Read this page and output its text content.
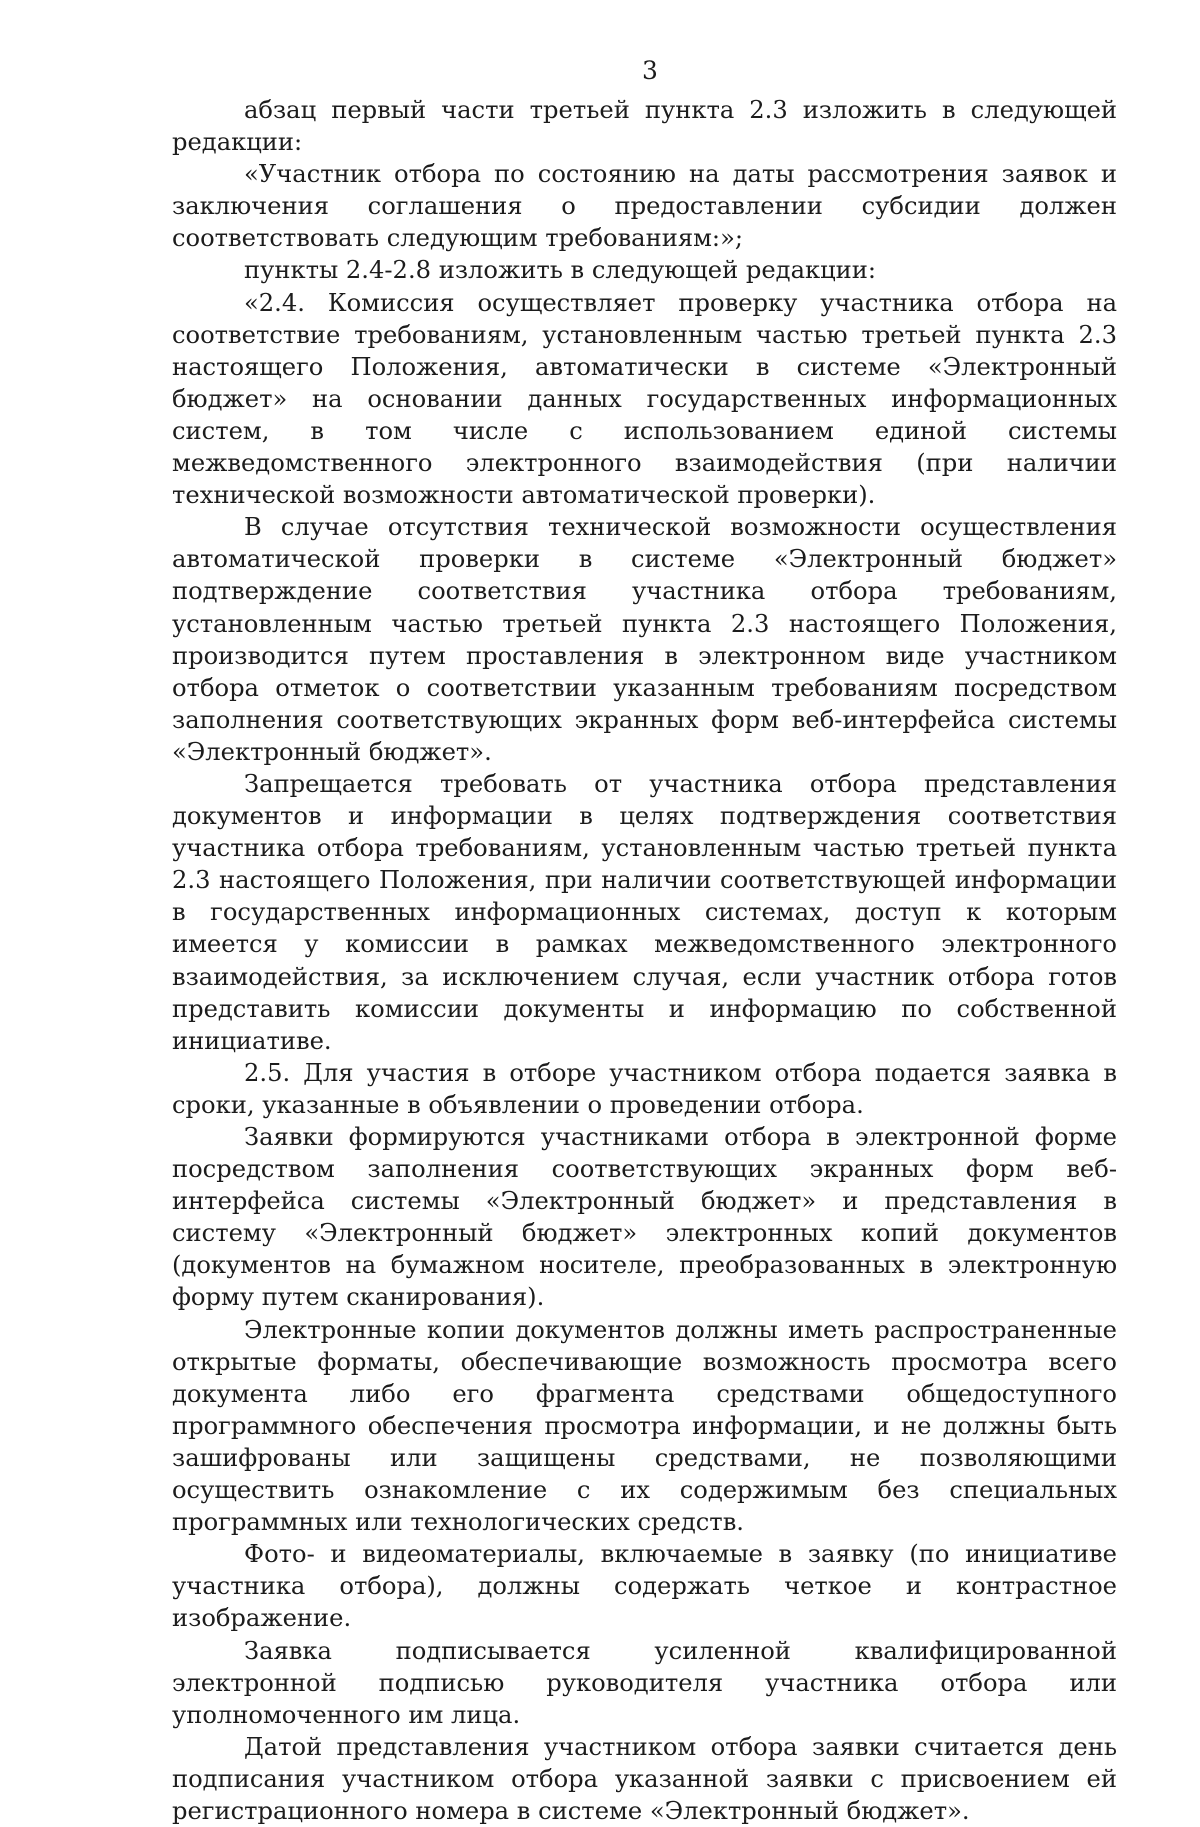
3

абзац первый части третьей пункта 2.3 изложить в следующей редакции:

«Участник отбора по состоянию на даты рассмотрения заявок и заключения соглашения о предоставлении субсидии должен соответствовать следующим требованиям:»;

пункты 2.4-2.8 изложить в следующей редакции:

«2.4. Комиссия осуществляет проверку участника отбора на соответствие требованиям, установленным частью третьей пункта 2.3 настоящего Положения, автоматически в системе «Электронный бюджет» на основании данных государственных информационных систем, в том числе с использованием единой системы межведомственного электронного взаимодействия (при наличии технической возможности автоматической проверки).

В случае отсутствия технической возможности осуществления автоматической проверки в системе «Электронный бюджет» подтверждение соответствия участника отбора требованиям, установленным частью третьей пункта 2.3 настоящего Положения, производится путем проставления в электронном виде участником отбора отметок о соответствии указанным требованиям посредством заполнения соответствующих экранных форм веб-интерфейса системы «Электронный бюджет».

Запрещается требовать от участника отбора представления документов и информации в целях подтверждения соответствия участника отбора требованиям, установленным частью третьей пункта 2.3 настоящего Положения, при наличии соответствующей информации в государственных информационных системах, доступ к которым имеется у комиссии в рамках межведомственного электронного взаимодействия, за исключением случая, если участник отбора готов представить комиссии документы и информацию по собственной инициативе.

2.5. Для участия в отборе участником отбора подается заявка в сроки, указанные в объявлении о проведении отбора.

Заявки формируются участниками отбора в электронной форме посредством заполнения соответствующих экранных форм веб-интерфейса системы «Электронный бюджет» и представления в систему «Электронный бюджет» электронных копий документов (документов на бумажном носителе, преобразованных в электронную форму путем сканирования).

Электронные копии документов должны иметь распространенные открытые форматы, обеспечивающие возможность просмотра всего документа либо его фрагмента средствами общедоступного программного обеспечения просмотра информации, и не должны быть зашифрованы или защищены средствами, не позволяющими осуществить ознакомление с их содержимым без специальных программных или технологических средств.

Фото- и видеоматериалы, включаемые в заявку (по инициативе участника отбора), должны содержать четкое и контрастное изображение.

Заявка подписывается усиленной квалифицированной электронной подписью руководителя участника отбора или уполномоченного им лица.

Датой представления участником отбора заявки считается день подписания участником отбора указанной заявки с присвоением ей регистрационного номера в системе «Электронный бюджет».
